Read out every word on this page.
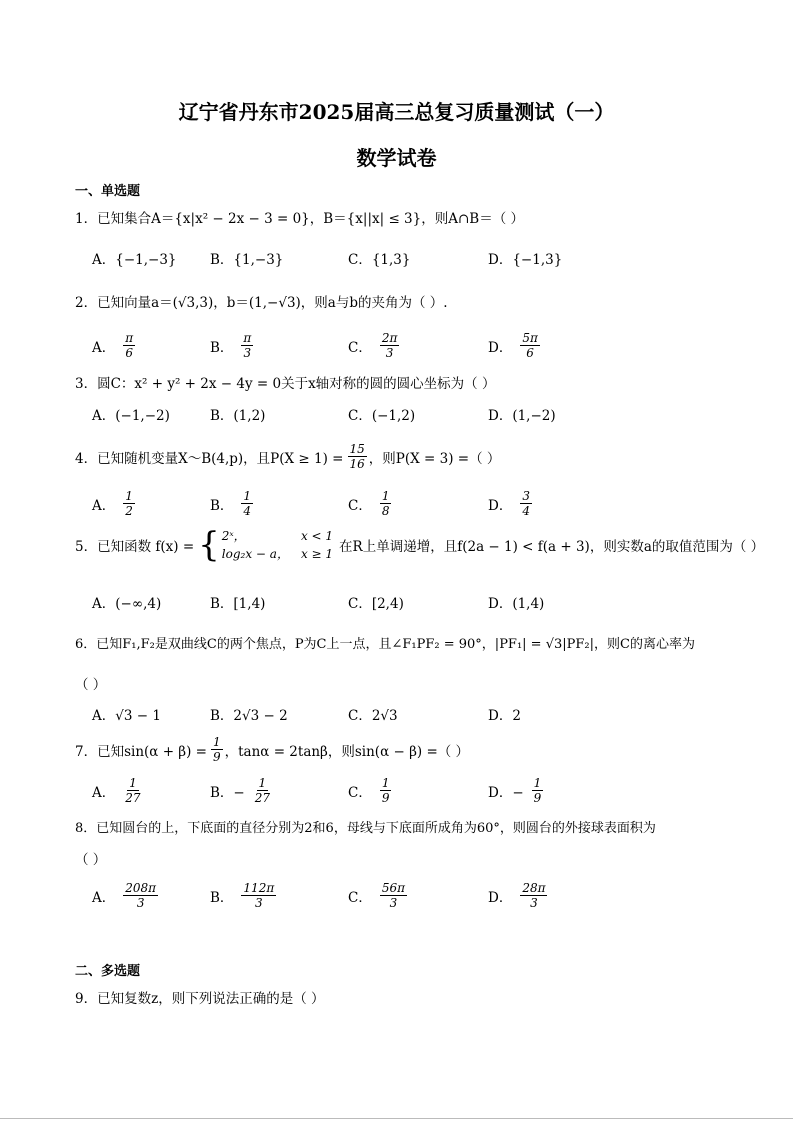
辽宁省丹东市2025届高三总复习质量测试（一）
数学试卷
一、单选题
1．已知集合A＝{x|x² − 2x − 3 = 0}，B＝{x||x| ≤ 3}，则A∩B＝（ ）
A．{−1,−3} B．{1,−3}	C．{1,3}	D．{−1,3}
2．已知向量a＝(√3,3)，b＝(1,−√3)，则a与b的夹角为（ ）.
A． $\frac{\pi}{6}$	B． $\frac{\pi}{3}$	C． $\frac{2\pi}{3}$	D． $\frac{5\pi}{6}$
3．圆C：x² + y² + 2x − 4y = 0关于x轴对称的圆的圆心坐标为（ ）
A．(−1,−2)	B．(1,2)	C．(−1,2)	D．(1,−2)
4．已知随机变量X～B(4,p)，且$P(X \ge 1) = \frac{15}{16}$ ，则P(X = 3) =（ ）
A． $\frac{1}{2}$	B． $\frac{1}{4}$	C． $\frac{1}{8}$	D． $\frac{3}{4}$
5．已知函数 f(x) = { 2ˣ，	x < 1
log₂x − a， x ≥ 1 在R上单调递增，且f(2a − 1) < f(a + 3)，则实数a的取值范围为（ ）
A．(−∞,4)	B．[1,4)	C．[2,4)	D．(1,4)
6．已知F₁,F₂是双曲线C的两个焦点，P为C上一点，且∠F₁PF₂ = 90°，|PF₁| = √3|PF₂|，则C的离心率为
（ ）
A．√3 − 1	B．2√3 − 2	C．2√3	D．2
7．已知$\sin(\alpha + \beta) = \frac{1}{9}$ ，tanα = 2tanβ，则sin(α − β) =（ ）
A． $\frac{1}{27}$	B．− $\frac{1}{27}$	C． $\frac{1}{9}$	D．− $\frac{1}{9}$
8．已知圆台的上，下底面的直径分别为2和6，母线与下底面所成角为60°，则圆台的外接球表面积为
（ ）
A． $\frac{208\pi}{3}$	B． $\frac{112\pi}{3}$	C． $\frac{56\pi}{3}$	D． $\frac{28\pi}{3}$
二、多选题
9．已知复数z，则下列说法正确的是（ ）
